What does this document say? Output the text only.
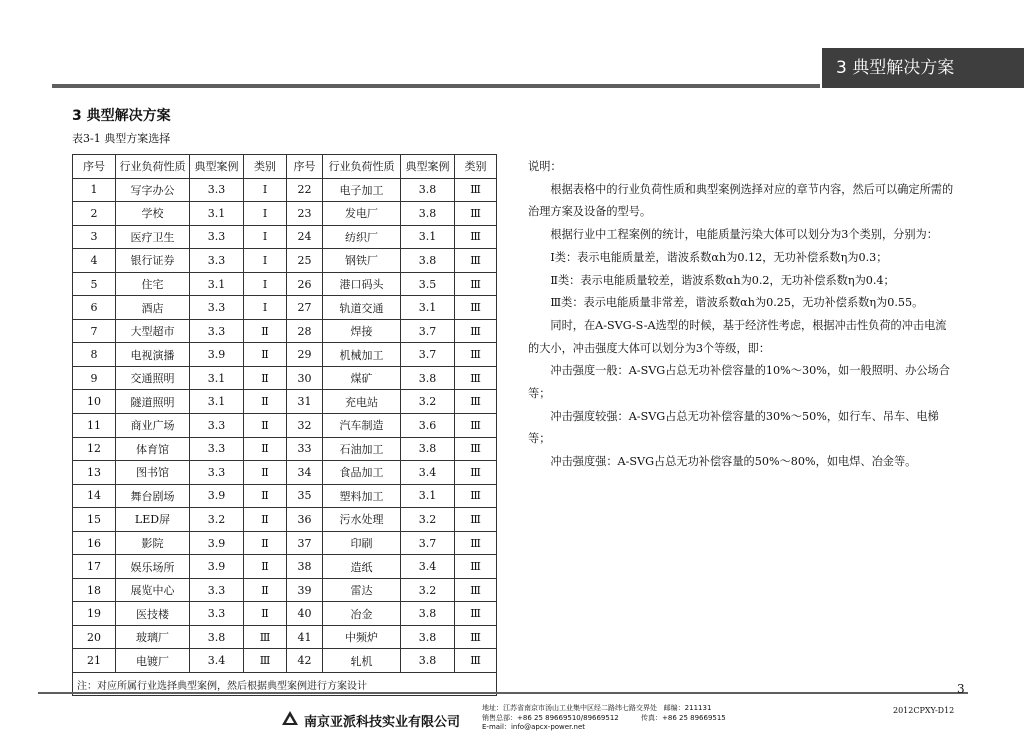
3 典型解决方案
3 典型解决方案
表3-1 典型方案选择
序号	行业负荷性质	典型案例	类别	序号	行业负荷性质	典型案例	类别
1	写字办公	3.3	Ⅰ	22	电子加工	3.8	Ⅲ
2	学校	3.1	Ⅰ	23	发电厂	3.8	Ⅲ
3	医疗卫生	3.3	Ⅰ	24	纺织厂	3.1	Ⅲ
4	银行证券	3.3	Ⅰ	25	钢铁厂	3.8	Ⅲ
5	住宅	3.1	Ⅰ	26	港口码头	3.5	Ⅲ
6	酒店	3.3	Ⅰ	27	轨道交通	3.1	Ⅲ
7	大型超市	3.3	Ⅱ	28	焊接	3.7	Ⅲ
8	电视演播	3.9	Ⅱ	29	机械加工	3.7	Ⅲ
9	交通照明	3.1	Ⅱ	30	煤矿	3.8	Ⅲ
10	隧道照明	3.1	Ⅱ	31	充电站	3.2	Ⅲ
11	商业广场	3.3	Ⅱ	32	汽车制造	3.6	Ⅲ
12	体育馆	3.3	Ⅱ	33	石油加工	3.8	Ⅲ
13	图书馆	3.3	Ⅱ	34	食品加工	3.4	Ⅲ
14	舞台剧场	3.9	Ⅱ	35	塑料加工	3.1	Ⅲ
15	LED屏	3.2	Ⅱ	36	污水处理	3.2	Ⅲ
16	影院	3.9	Ⅱ	37	印刷	3.7	Ⅲ
17	娱乐场所	3.9	Ⅱ	38	造纸	3.4	Ⅲ
18	展览中心	3.3	Ⅱ	39	雷达	3.2	Ⅲ
19	医技楼	3.3	Ⅱ	40	冶金	3.8	Ⅲ
20	玻璃厂	3.8	Ⅲ	41	中频炉	3.8	Ⅲ
21	电镀厂	3.4	Ⅲ	42	轧机	3.8	Ⅲ
注：对应所属行业选择典型案例，然后根据典型案例进行方案设计							

说明：

根据表格中的行业负荷性质和典型案例选择对应的章节内容，然后可以确定所需的治理方案及设备的型号。

根据行业中工程案例的统计，电能质量污染大体可以划分为3个类别，分别为：

Ⅰ类：表示电能质量差，谐波系数αh为0.12，无功补偿系数η为0.3；

Ⅱ类：表示电能质量较差，谐波系数αh为0.2，无功补偿系数η为0.4；

Ⅲ类：表示电能质量非常差，谐波系数αh为0.25，无功补偿系数η为0.55。

同时，在A-SVG-S-A选型的时候，基于经济性考虑，根据冲击性负荷的冲击电流的大小，冲击强度大体可以划分为3个等级，即：

冲击强度一般：A-SVG占总无功补偿容量的10%～30%，如一般照明、办公场合等；

冲击强度较强：A-SVG占总无功补偿容量的30%～50%，如行车、吊车、电梯等；

冲击强度强：A-SVG占总无功补偿容量的50%～80%，如电焊、冶金等。

3
南京亚派科技实业有限公司
地址：江苏省南京市汤山工业集中区经二路纬七路交界处   邮编：211131
销售总部：+86 25 89669510/89669512          传真：+86 25 89669515
E-mail：info@apcx-power.net
2012CPXY-D12
